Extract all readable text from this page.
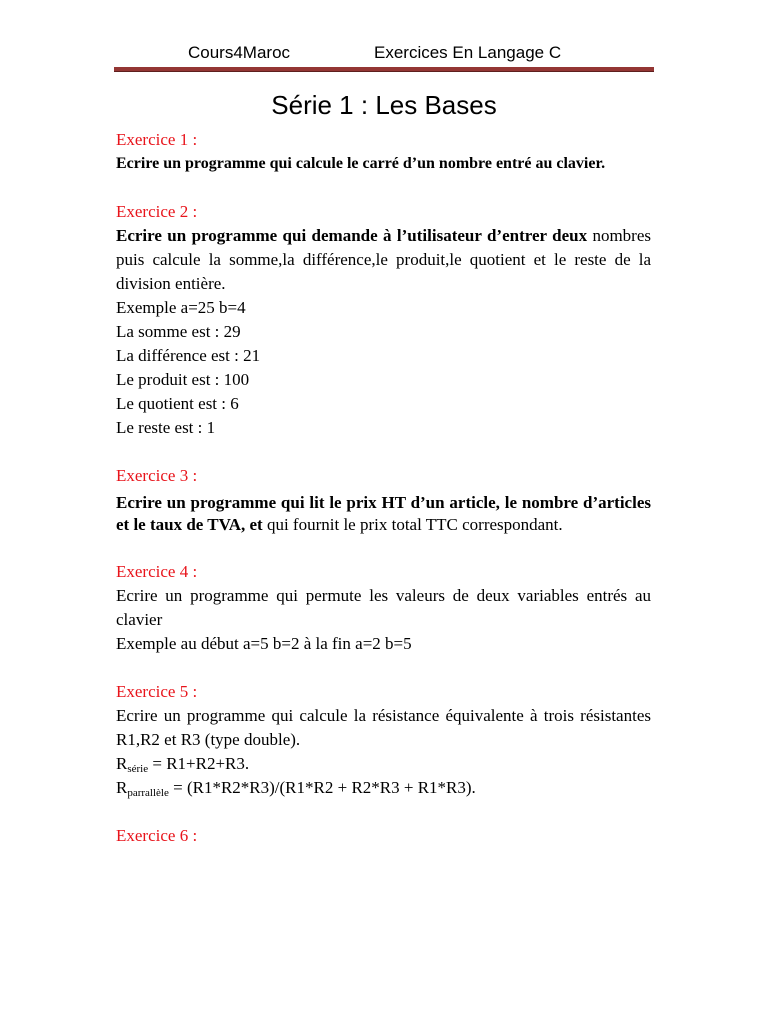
Cours4Maroc	Exercices En Langage C
Série 1 : Les Bases

Exercice 1 :

Ecrire un programme qui calcule le carré d’un nombre entré au clavier.

Exercice 2 :

Ecrire un programme qui demande à l’utilisateur d’entrer deux nombres puis calcule la somme,la différence,le produit,le quotient et le reste de la division entière.

Exemple a=25 b=4

La somme est : 29

La différence est : 21

Le produit est : 100

Le quotient est : 6

Le reste est : 1

Exercice 3 :

Ecrire un programme qui lit le prix HT d’un article, le nombre d’articles et le taux de TVA, et qui fournit le prix total TTC correspondant.

Exercice 4 :

Ecrire un programme qui permute les valeurs de deux variables entrés au clavier

Exemple au début a=5 b=2 à la fin a=2 b=5

Exercice 5 :

Ecrire un programme qui calcule la résistance équivalente à trois résistantes R1,R2 et R3 (type double).

$R_{série} = R1+R2+R3$.

$R_{parrallèle} = (R1*R2*R3)/(R1*R2 + R2*R3 + R1*R3)$.

Exercice 6 :
